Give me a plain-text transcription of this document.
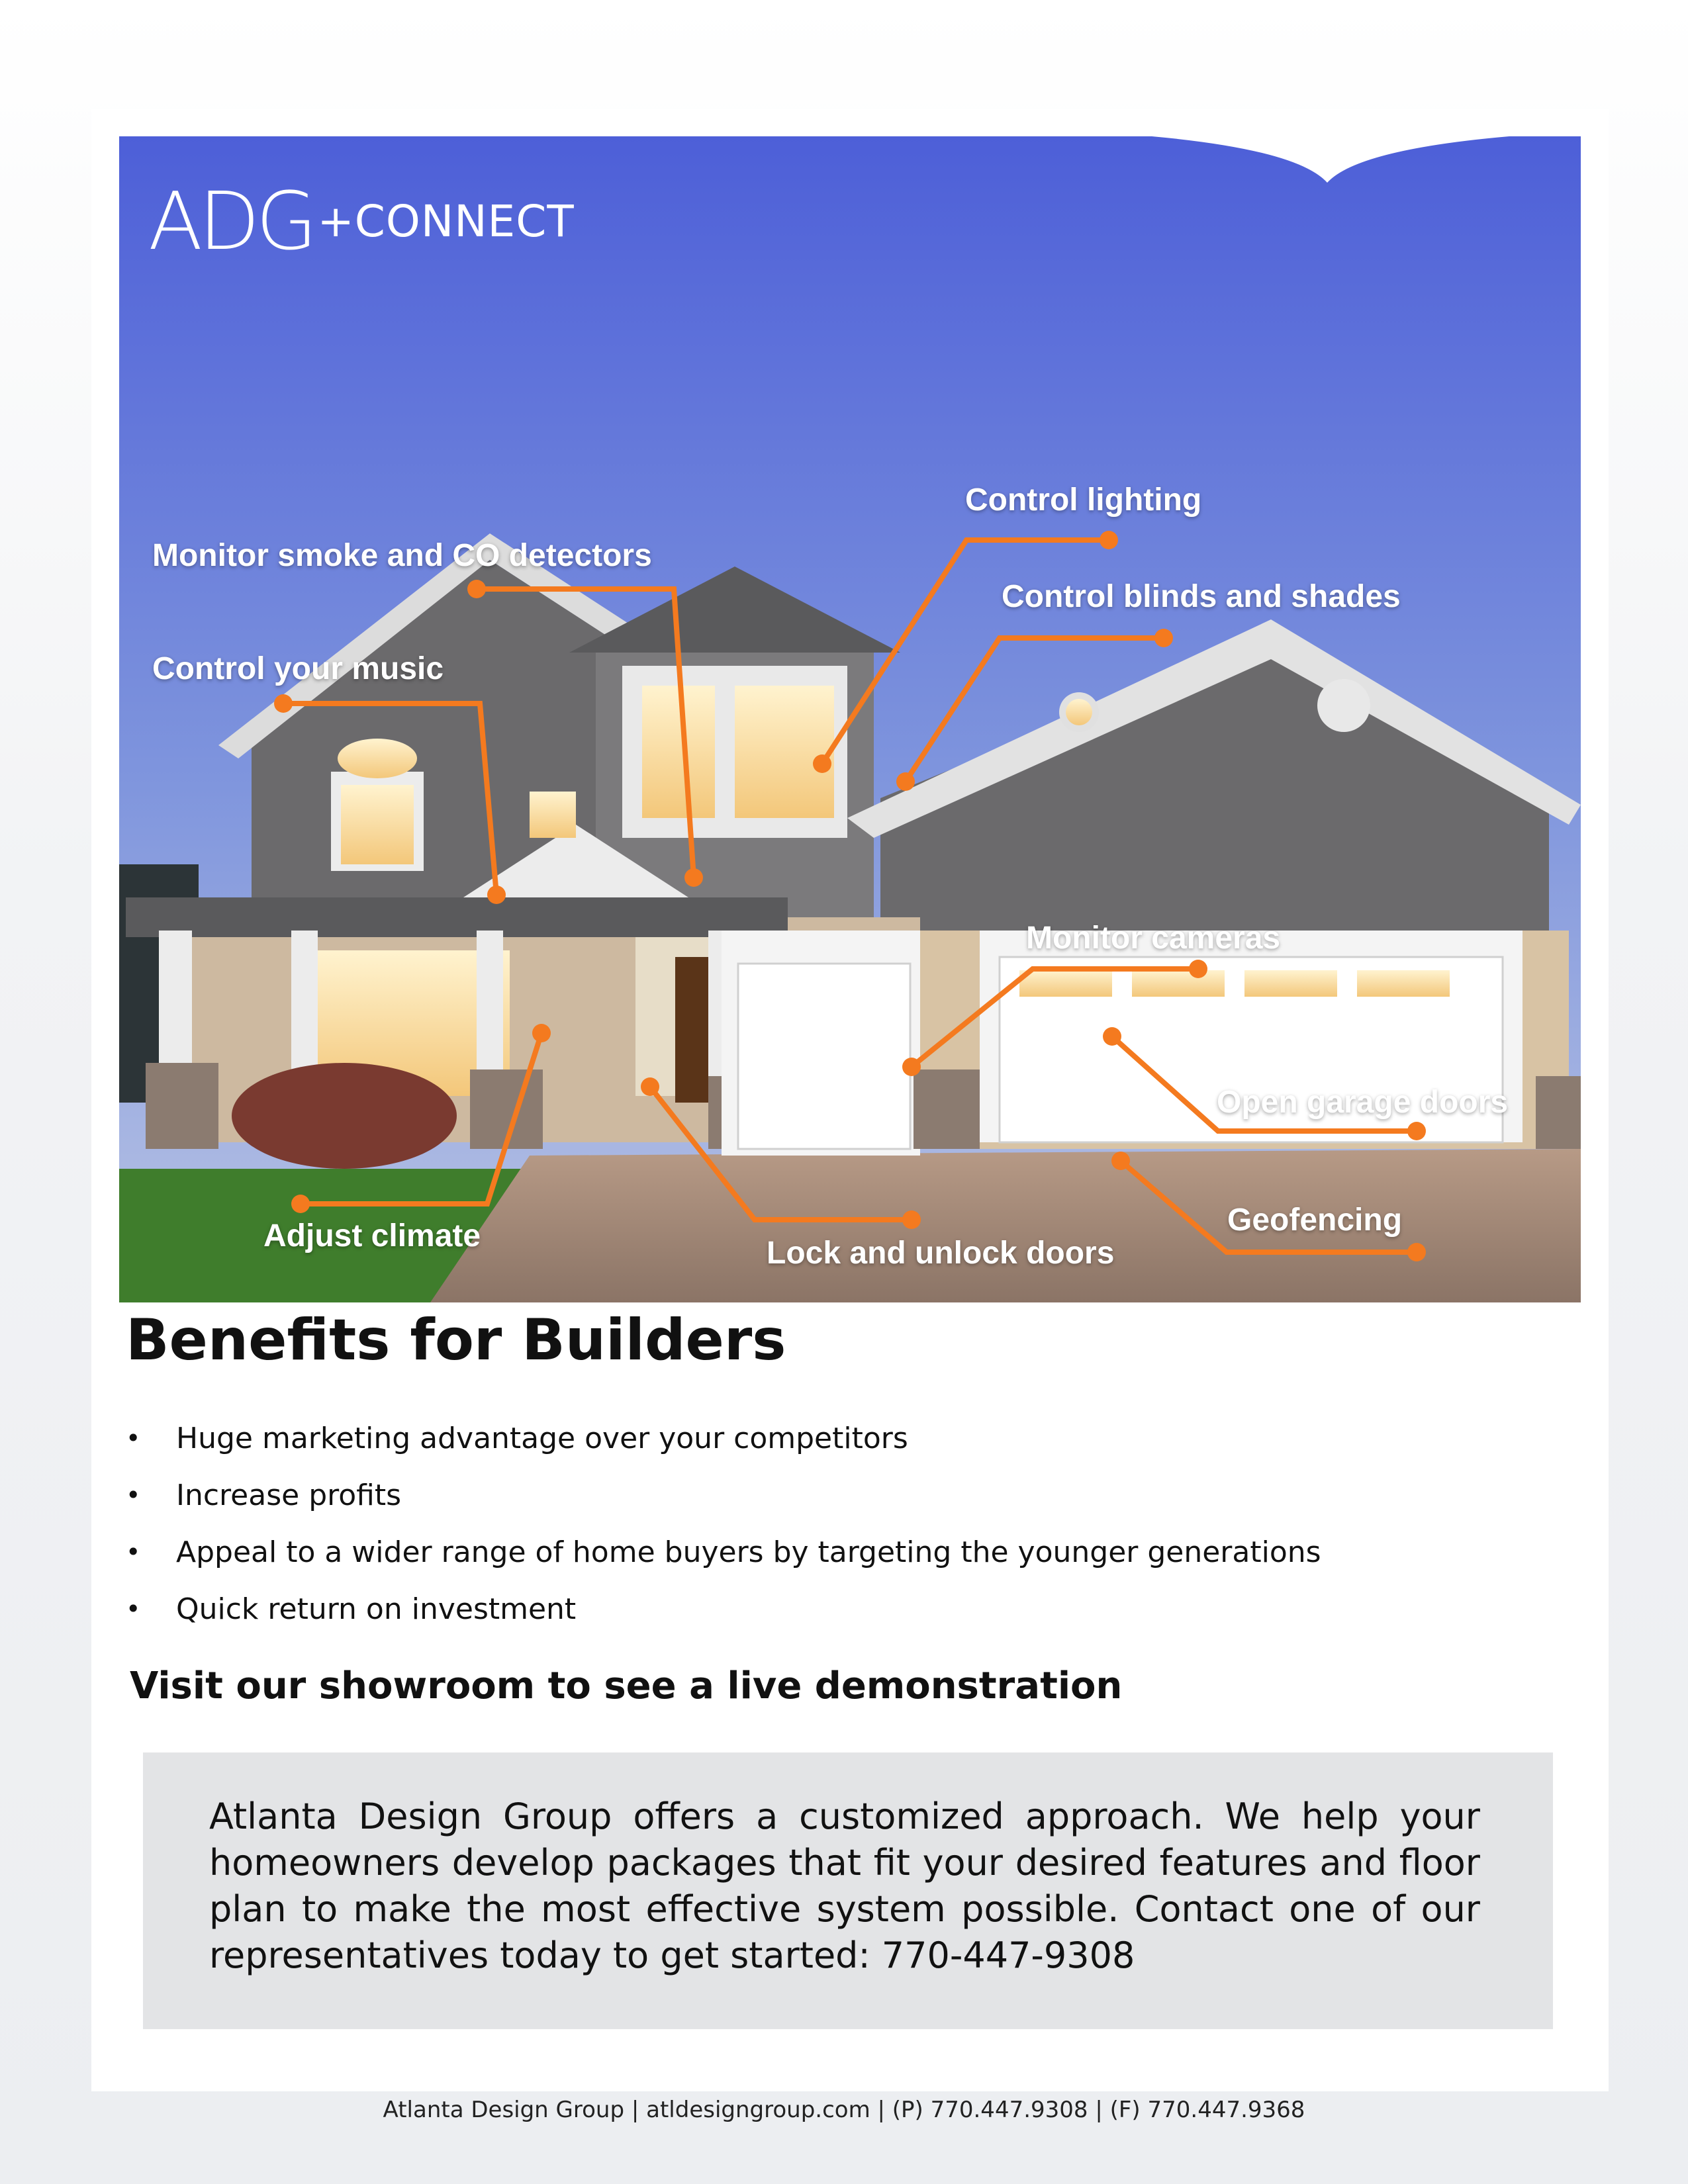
ADG +CONNECT
Control lighting
Monitor smoke and CO detectors
Control blinds and shades
Control your music
Monitor cameras
Open garage doors
Geofencing
Adjust climate	Lock and unlock doors
Benefits for Builders
•	Huge marketing advantage over your competitors
•	Increase profits
•	Appeal to a wider range of home buyers by targeting the younger generations
•	Quick return on investment
Visit our showroom to see a live demonstration

Atlanta Design Group offers a customized approach. We help your homeowners develop packages that fit your desired features and floor plan to make the most effective system possible. Contact one of our representatives today to get started: 770-447-9308

Atlanta Design Group | atldesigngroup.com | (P) 770.447.9308 | (F) 770.447.9368
